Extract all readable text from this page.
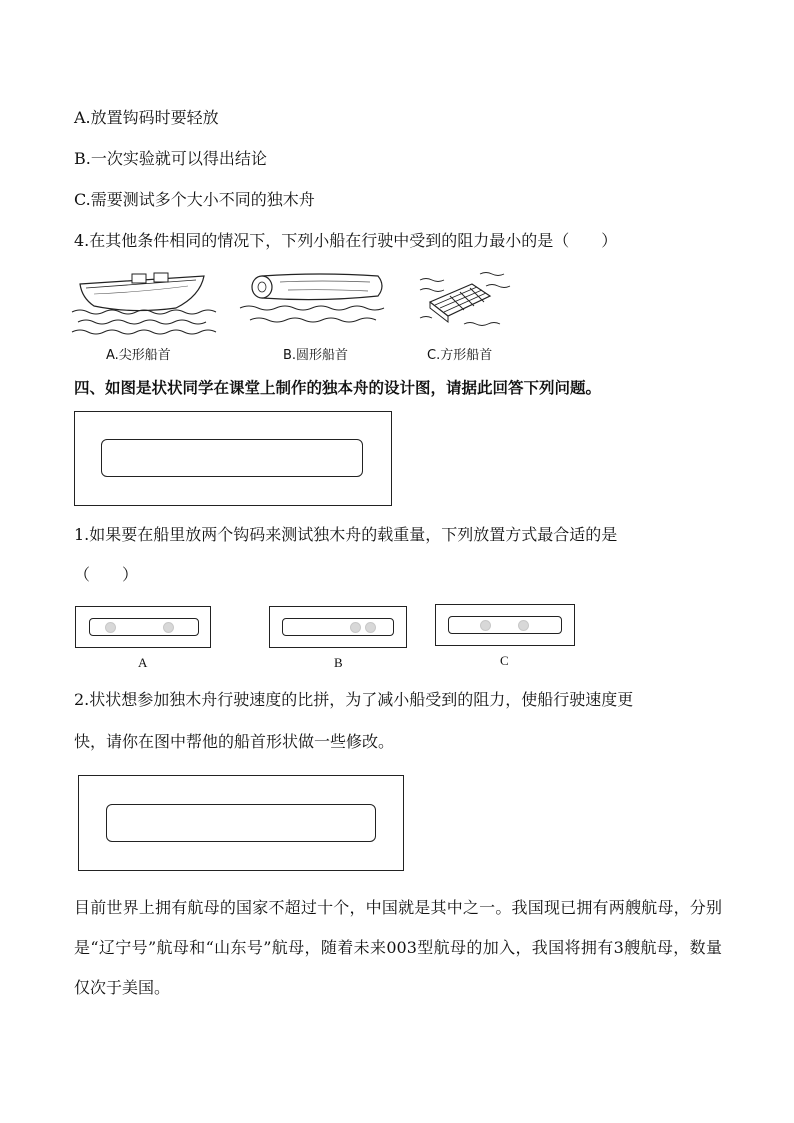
A.放置钩码时要轻放
B.一次实验就可以得出结论
C.需要测试多个大小不同的独木舟
4.在其他条件相同的情况下，下列小船在行驶中受到的阻力最小的是（　　）
A.尖形船首	B.圆形船首	C.方形船首
四、如图是状状同学在课堂上制作的独本舟的设计图，请据此回答下列问题。
1.如果要在船里放两个钩码来测试独木舟的载重量，下列放置方式最合适的是
（　　）
A	B	C
2.状状想参加独木舟行驶速度的比拼，为了减小船受到的阻力，使船行驶速度更
快，请你在图中帮他的船首形状做一些修改。
目前世界上拥有航母的国家不超过十个，中国就是其中之一。我国现已拥有两艘航母，分别是“辽宁号”航母和“山东号”航母，随着未来003型航母的加入，我国将拥有3艘航母，数量仅次于美国。
